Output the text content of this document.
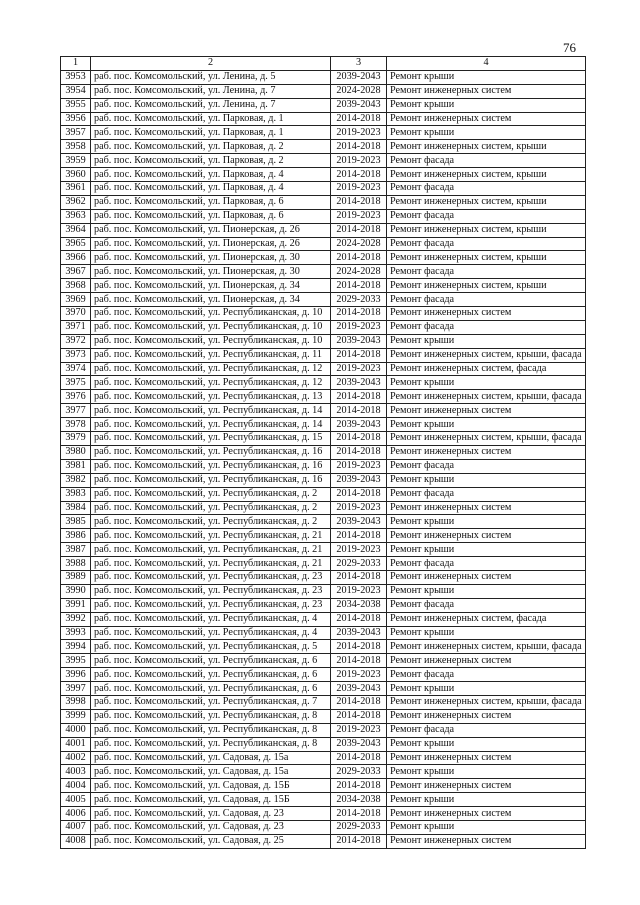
76
1	2	3	4
3953	раб. пос. Комсомольский, ул. Ленина, д. 5	2039-2043	Ремонт крыши
3954	раб. пос. Комсомольский, ул. Ленина, д. 7	2024-2028	Ремонт инженерных систем
3955	раб. пос. Комсомольский, ул. Ленина, д. 7	2039-2043	Ремонт крыши
3956	раб. пос. Комсомольский, ул. Парковая, д. 1	2014-2018	Ремонт инженерных систем
3957	раб. пос. Комсомольский, ул. Парковая, д. 1	2019-2023	Ремонт крыши
3958	раб. пос. Комсомольский, ул. Парковая, д. 2	2014-2018	Ремонт инженерных систем, крыши
3959	раб. пос. Комсомольский, ул. Парковая, д. 2	2019-2023	Ремонт фасада
3960	раб. пос. Комсомольский, ул. Парковая, д. 4	2014-2018	Ремонт инженерных систем, крыши
3961	раб. пос. Комсомольский, ул. Парковая, д. 4	2019-2023	Ремонт фасада
3962	раб. пос. Комсомольский, ул. Парковая, д. 6	2014-2018	Ремонт инженерных систем, крыши
3963	раб. пос. Комсомольский, ул. Парковая, д. 6	2019-2023	Ремонт фасада
3964	раб. пос. Комсомольский, ул. Пионерская, д. 26	2014-2018	Ремонт инженерных систем, крыши
3965	раб. пос. Комсомольский, ул. Пионерская, д. 26	2024-2028	Ремонт фасада
3966	раб. пос. Комсомольский, ул. Пионерская, д. 30	2014-2018	Ремонт инженерных систем, крыши
3967	раб. пос. Комсомольский, ул. Пионерская, д. 30	2024-2028	Ремонт фасада
3968	раб. пос. Комсомольский, ул. Пионерская, д. 34	2014-2018	Ремонт инженерных систем, крыши
3969	раб. пос. Комсомольский, ул. Пионерская, д. 34	2029-2033	Ремонт фасада
3970	раб. пос. Комсомольский, ул. Республиканская, д. 10	2014-2018	Ремонт инженерных систем
3971	раб. пос. Комсомольский, ул. Республиканская, д. 10	2019-2023	Ремонт фасада
3972	раб. пос. Комсомольский, ул. Республиканская, д. 10	2039-2043	Ремонт крыши
3973	раб. пос. Комсомольский, ул. Республиканская, д. 11	2014-2018	Ремонт инженерных систем, крыши, фасада
3974	раб. пос. Комсомольский, ул. Республиканская, д. 12	2019-2023	Ремонт инженерных систем, фасада
3975	раб. пос. Комсомольский, ул. Республиканская, д. 12	2039-2043	Ремонт крыши
3976	раб. пос. Комсомольский, ул. Республиканская, д. 13	2014-2018	Ремонт инженерных систем, крыши, фасада
3977	раб. пос. Комсомольский, ул. Республиканская, д. 14	2014-2018	Ремонт инженерных систем
3978	раб. пос. Комсомольский, ул. Республиканская, д. 14	2039-2043	Ремонт крыши
3979	раб. пос. Комсомольский, ул. Республиканская, д. 15	2014-2018	Ремонт инженерных систем, крыши, фасада
3980	раб. пос. Комсомольский, ул. Республиканская, д. 16	2014-2018	Ремонт инженерных систем
3981	раб. пос. Комсомольский, ул. Республиканская, д. 16	2019-2023	Ремонт фасада
3982	раб. пос. Комсомольский, ул. Республиканская, д. 16	2039-2043	Ремонт крыши
3983	раб. пос. Комсомольский, ул. Республиканская, д. 2	2014-2018	Ремонт фасада
3984	раб. пос. Комсомольский, ул. Республиканская, д. 2	2019-2023	Ремонт инженерных систем
3985	раб. пос. Комсомольский, ул. Республиканская, д. 2	2039-2043	Ремонт крыши
3986	раб. пос. Комсомольский, ул. Республиканская, д. 21	2014-2018	Ремонт инженерных систем
3987	раб. пос. Комсомольский, ул. Республиканская, д. 21	2019-2023	Ремонт крыши
3988	раб. пос. Комсомольский, ул. Республиканская, д. 21	2029-2033	Ремонт фасада
3989	раб. пос. Комсомольский, ул. Республиканская, д. 23	2014-2018	Ремонт инженерных систем
3990	раб. пос. Комсомольский, ул. Республиканская, д. 23	2019-2023	Ремонт крыши
3991	раб. пос. Комсомольский, ул. Республиканская, д. 23	2034-2038	Ремонт фасада
3992	раб. пос. Комсомольский, ул. Республиканская, д. 4	2014-2018	Ремонт инженерных систем, фасада
3993	раб. пос. Комсомольский, ул. Республиканская, д. 4	2039-2043	Ремонт крыши
3994	раб. пос. Комсомольский, ул. Республиканская, д. 5	2014-2018	Ремонт инженерных систем, крыши, фасада
3995	раб. пос. Комсомольский, ул. Республиканская, д. 6	2014-2018	Ремонт инженерных систем
3996	раб. пос. Комсомольский, ул. Республиканская, д. 6	2019-2023	Ремонт фасада
3997	раб. пос. Комсомольский, ул. Республиканская, д. 6	2039-2043	Ремонт крыши
3998	раб. пос. Комсомольский, ул. Республиканская, д. 7	2014-2018	Ремонт инженерных систем, крыши, фасада
3999	раб. пос. Комсомольский, ул. Республиканская, д. 8	2014-2018	Ремонт инженерных систем
4000	раб. пос. Комсомольский, ул. Республиканская, д. 8	2019-2023	Ремонт фасада
4001	раб. пос. Комсомольский, ул. Республиканская, д. 8	2039-2043	Ремонт крыши
4002	раб. пос. Комсомольский, ул. Садовая, д. 15а	2014-2018	Ремонт инженерных систем
4003	раб. пос. Комсомольский, ул. Садовая, д. 15а	2029-2033	Ремонт крыши
4004	раб. пос. Комсомольский, ул. Садовая, д. 15Б	2014-2018	Ремонт инженерных систем
4005	раб. пос. Комсомольский, ул. Садовая, д. 15Б	2034-2038	Ремонт крыши
4006	раб. пос. Комсомольский, ул. Садовая, д. 23	2014-2018	Ремонт инженерных систем
4007	раб. пос. Комсомольский, ул. Садовая, д. 23	2029-2033	Ремонт крыши
4008	раб. пос. Комсомольский, ул. Садовая, д. 25	2014-2018	Ремонт инженерных систем
